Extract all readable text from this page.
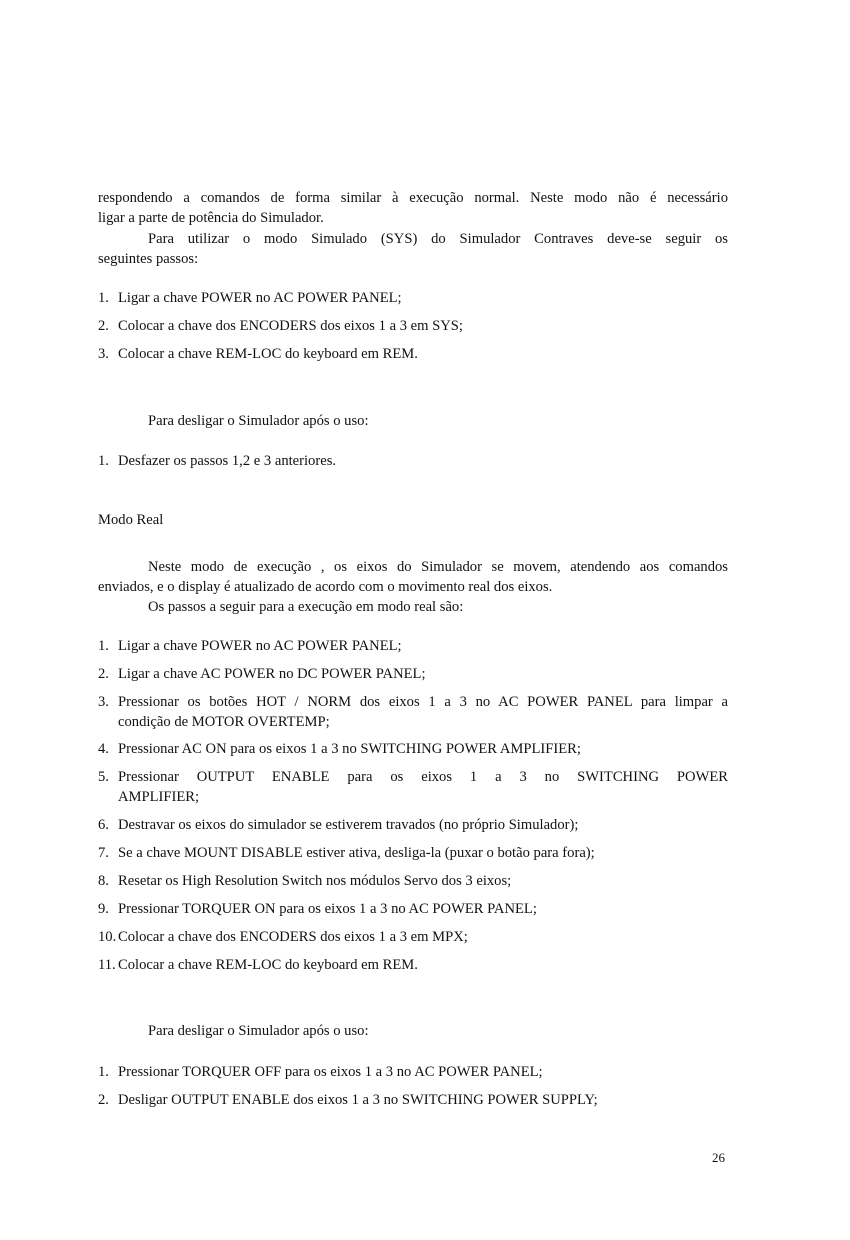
respondendo a comandos de forma similar à execução normal. Neste modo não é necessário
ligar a parte de potência do Simulador.
Para utilizar o modo Simulado (SYS) do Simulador Contraves deve-se seguir os
seguintes passos:
1. Ligar a chave POWER no AC POWER PANEL;
2. Colocar a chave dos ENCODERS dos eixos 1 a 3 em SYS;
3. Colocar a chave REM-LOC do keyboard em REM.
Para desligar o Simulador após o uso:
1. Desfazer os passos 1,2 e 3 anteriores.
Modo Real
Neste modo de execução , os eixos do Simulador se movem, atendendo aos comandos
enviados, e o display é atualizado de acordo com o movimento real dos eixos.
Os passos a seguir para a execução em modo real são:
1. Ligar a chave POWER no AC POWER PANEL;
2. Ligar a chave AC POWER no DC POWER PANEL;
3. Pressionar os botões HOT / NORM dos eixos 1 a 3 no AC POWER PANEL para limpar a
condição de MOTOR OVERTEMP;
4. Pressionar AC ON para os eixos 1 a 3 no SWITCHING POWER AMPLIFIER;
5. Pressionar OUTPUT ENABLE para os eixos 1 a 3 no SWITCHING POWER
AMPLIFIER;
6. Destravar os eixos do simulador se estiverem travados (no próprio Simulador);
7. Se a chave MOUNT DISABLE estiver ativa, desliga-la (puxar o botão para fora);
8. Resetar os High Resolution Switch nos módulos Servo dos 3 eixos;
9. Pressionar TORQUER ON para os eixos 1 a 3 no AC POWER PANEL;
10. Colocar a chave dos ENCODERS dos eixos 1 a 3 em MPX;
11. Colocar a chave REM-LOC do keyboard em REM.
Para desligar o Simulador após o uso:
1. Pressionar TORQUER OFF para os eixos 1 a 3 no AC POWER PANEL;
2. Desligar OUTPUT ENABLE dos eixos 1 a 3 no SWITCHING POWER SUPPLY;
26
